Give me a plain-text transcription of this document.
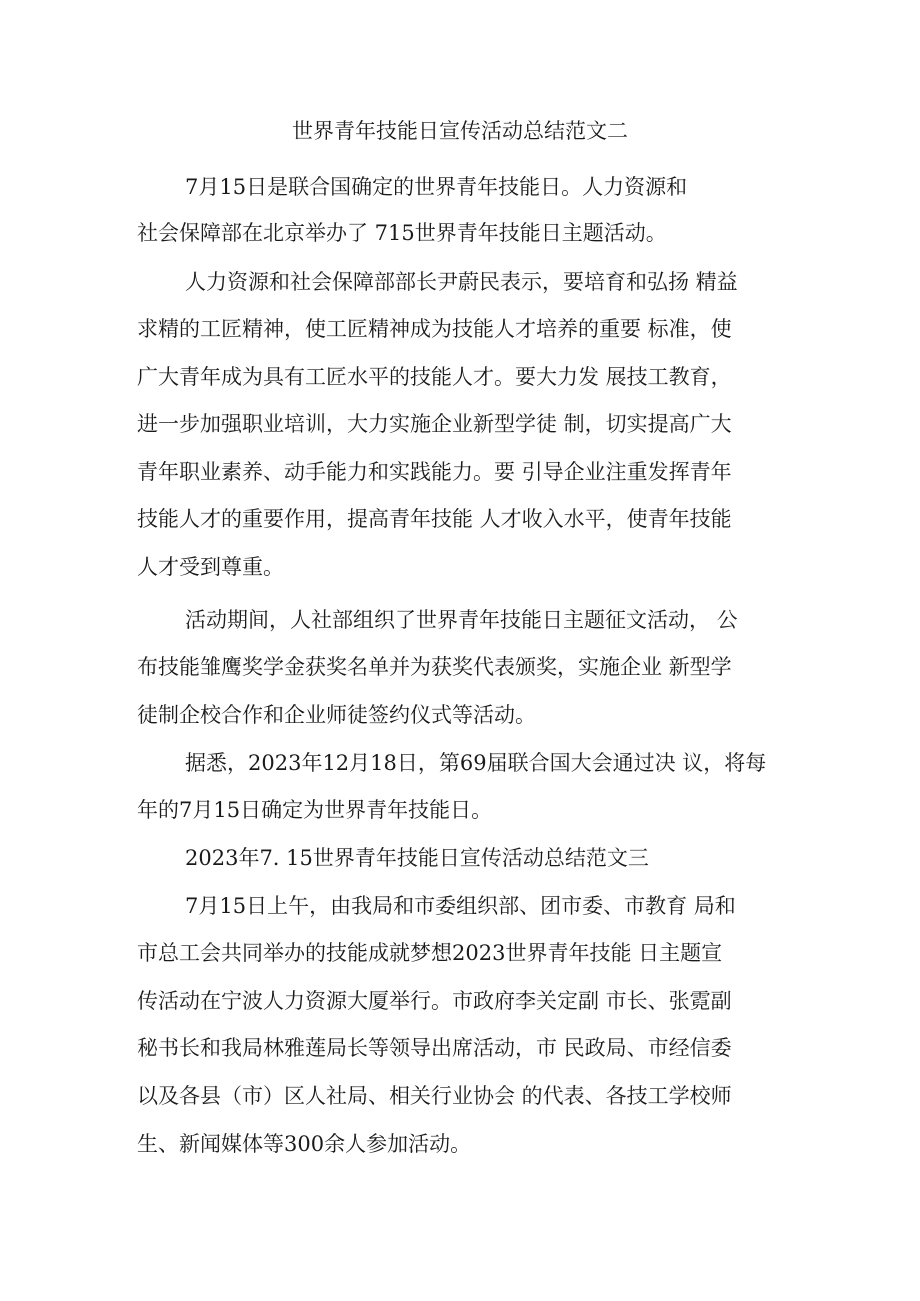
世界青年技能日宣传活动总结范文二
7月15日是联合国确定的世界青年技能日。人力资源和
社会保障部在北京举办了 715世界青年技能日主题活动。
人力资源和社会保障部部长尹蔚民表示，要培育和弘扬 精益
求精的工匠精神，使工匠精神成为技能人才培养的重要 标准，使
广大青年成为具有工匠水平的技能人才。要大力发 展技工教育，
进一步加强职业培训，大力实施企业新型学徒 制，切实提高广大
青年职业素养、动手能力和实践能力。要 引导企业注重发挥青年
技能人才的重要作用，提高青年技能 人才收入水平，使青年技能
人才受到尊重。
活动期间，人社部组织了世界青年技能日主题征文活动， 公
布技能雏鹰奖学金获奖名单并为获奖代表颁奖，实施企业 新型学
徒制企校合作和企业师徒签约仪式等活动。
据悉，2023年12月18日，第69届联合国大会通过决 议，将每
年的7月15日确定为世界青年技能日。
2023年7. 15世界青年技能日宣传活动总结范文三
7月15日上午，由我局和市委组织部、团市委、市教育 局和
市总工会共同举办的技能成就梦想2023世界青年技能 日主题宣
传活动在宁波人力资源大厦举行。市政府李关定副 市长、张霓副
秘书长和我局林雅莲局长等领导出席活动，市 民政局、市经信委
以及各县（市）区人社局、相关行业协会 的代表、各技工学校师
生、新闻媒体等300余人参加活动。
